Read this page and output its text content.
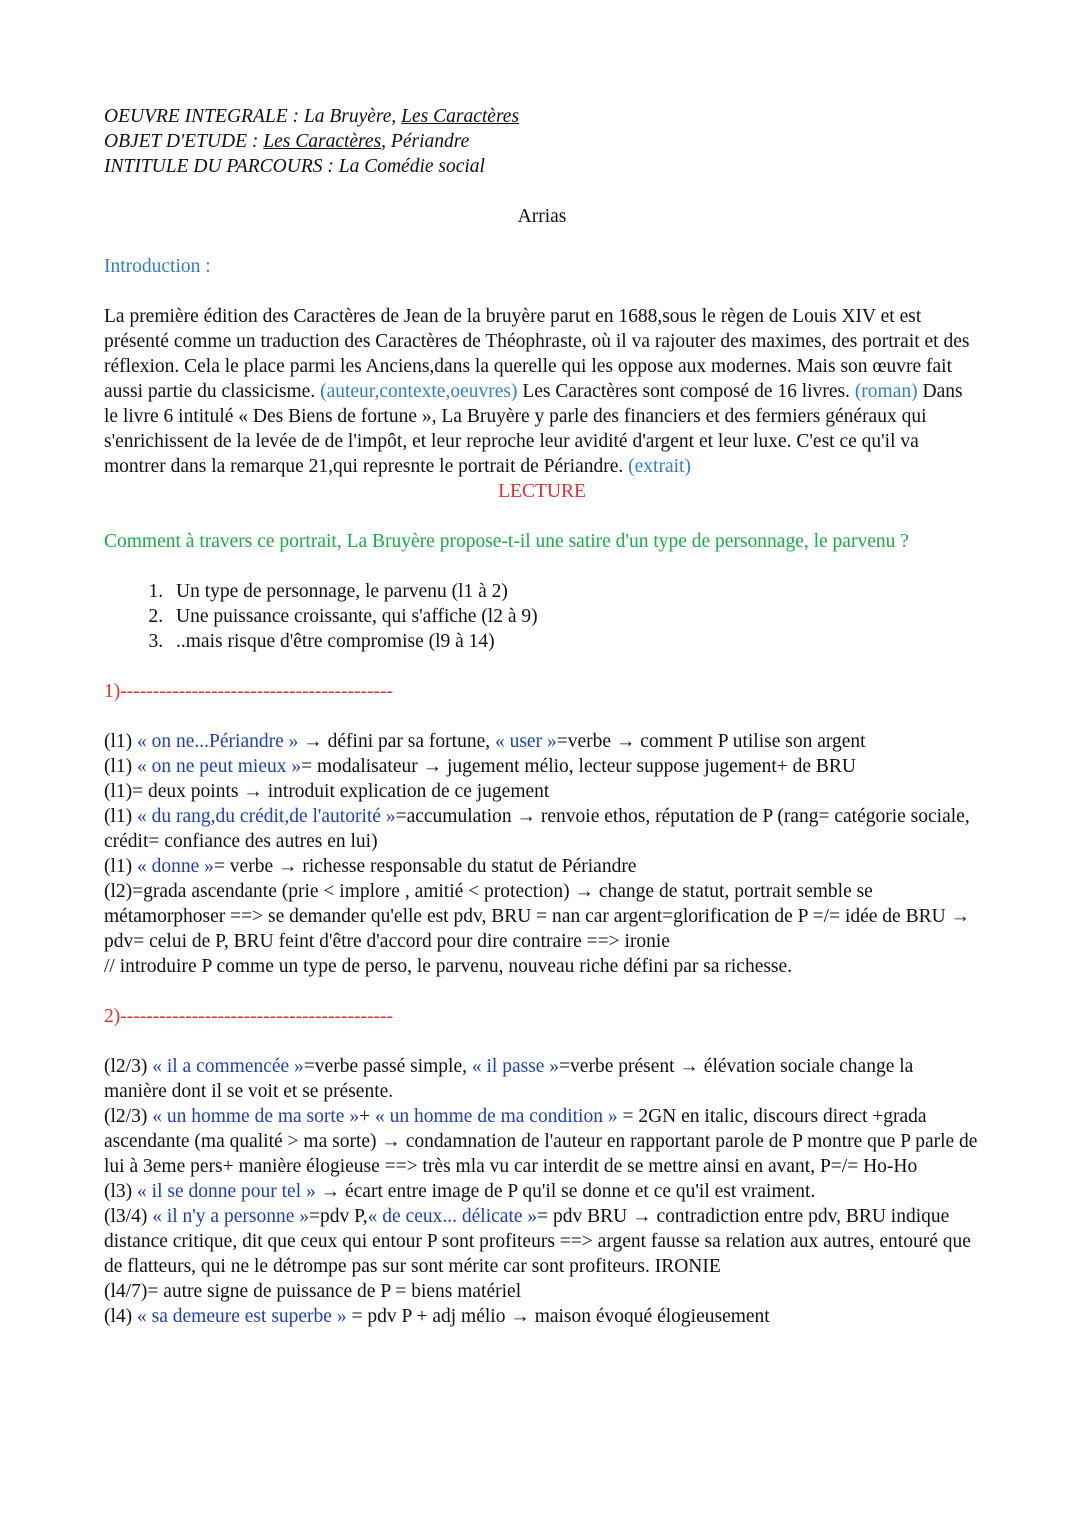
OEUVRE INTEGRALE : La Bruyère, Les Caractères
OBJET D'ETUDE : Les Caractères, Périandre
INTITULE DU PARCOURS : La Comédie social
Arrias
Introduction :

La première édition des Caractères de Jean de la bruyère parut en 1688,sous le règen de Louis XIV et est présenté comme un traduction des Caractères de Théophraste, où il va rajouter des maximes, des portrait et des réflexion. Cela le place parmi les Anciens,dans la querelle qui les oppose aux modernes. Mais son œuvre fait aussi partie du classicisme. (auteur,contexte,oeuvres) Les Caractères sont composé de 16 livres. (roman) Dans le livre 6 intitulé « Des Biens de fortune », La Bruyère y parle des financiers et des fermiers généraux qui s'enrichissent de la levée de de l'impôt, et leur reproche leur avidité d'argent et leur luxe. C'est ce qu'il va montrer dans la remarque 21,qui represnte le portrait de Périandre. (extrait)

LECTURE

Comment à travers ce portrait, La Bruyère propose-t-il une satire d'un type de personnage, le parvenu ?

1. Un type de personnage, le parvenu (l1 à 2)
2. Une puissance croissante, qui s'affiche (l2 à 9)
3. ..mais risque d'être compromise (l9 à 14)
1)------------------------------------------

(l1) « on ne...Périandre » → défini par sa fortune, « user »=verbe → comment P utilise son argent

(l1) « on ne peut mieux »= modalisateur → jugement mélio, lecteur suppose jugement+ de BRU

(l1)= deux points → introduit explication de ce jugement

(l1) « du rang,du crédit,de l'autorité »=accumulation → renvoie ethos, réputation de P (rang= catégorie sociale, crédit= confiance des autres en lui)

(l1) « donne »= verbe → richesse responsable du statut de Périandre

(l2)=grada ascendante (prie < implore , amitié < protection) → change de statut, portrait semble se métamorphoser ==> se demander qu'elle est pdv, BRU = nan car argent=glorification de P =/= idée de BRU → pdv= celui de P, BRU feint d'être d'accord pour dire contraire ==> ironie

// introduire P comme un type de perso, le parvenu, nouveau riche défini par sa richesse.

2)------------------------------------------

(l2/3) « il a commencée »=verbe passé simple, « il passe »=verbe présent → élévation sociale change la manière dont il se voit et se présente.

(l2/3) « un homme de ma sorte »+ « un homme de ma condition » = 2GN en italic, discours direct +grada ascendante (ma qualité > ma sorte) → condamnation de l'auteur en rapportant parole de P montre que P parle de lui à 3eme pers+ manière élogieuse ==> très mla vu car interdit de se mettre ainsi en avant, P=/= Ho-Ho

(l3) « il se donne pour tel » → écart entre image de P qu'il se donne et ce qu'il est vraiment.

(l3/4) « il n'y a personne »=pdv P,« de ceux... délicate »= pdv BRU → contradiction entre pdv, BRU indique distance critique, dit que ceux qui entour P sont profiteurs ==> argent fausse sa relation aux autres, entouré que de flatteurs, qui ne le détrompe pas sur sont mérite car sont profiteurs. IRONIE

(l4/7)= autre signe de puissance de P = biens matériel

(l4) « sa demeure est superbe » = pdv P + adj mélio → maison évoqué élogieusement
